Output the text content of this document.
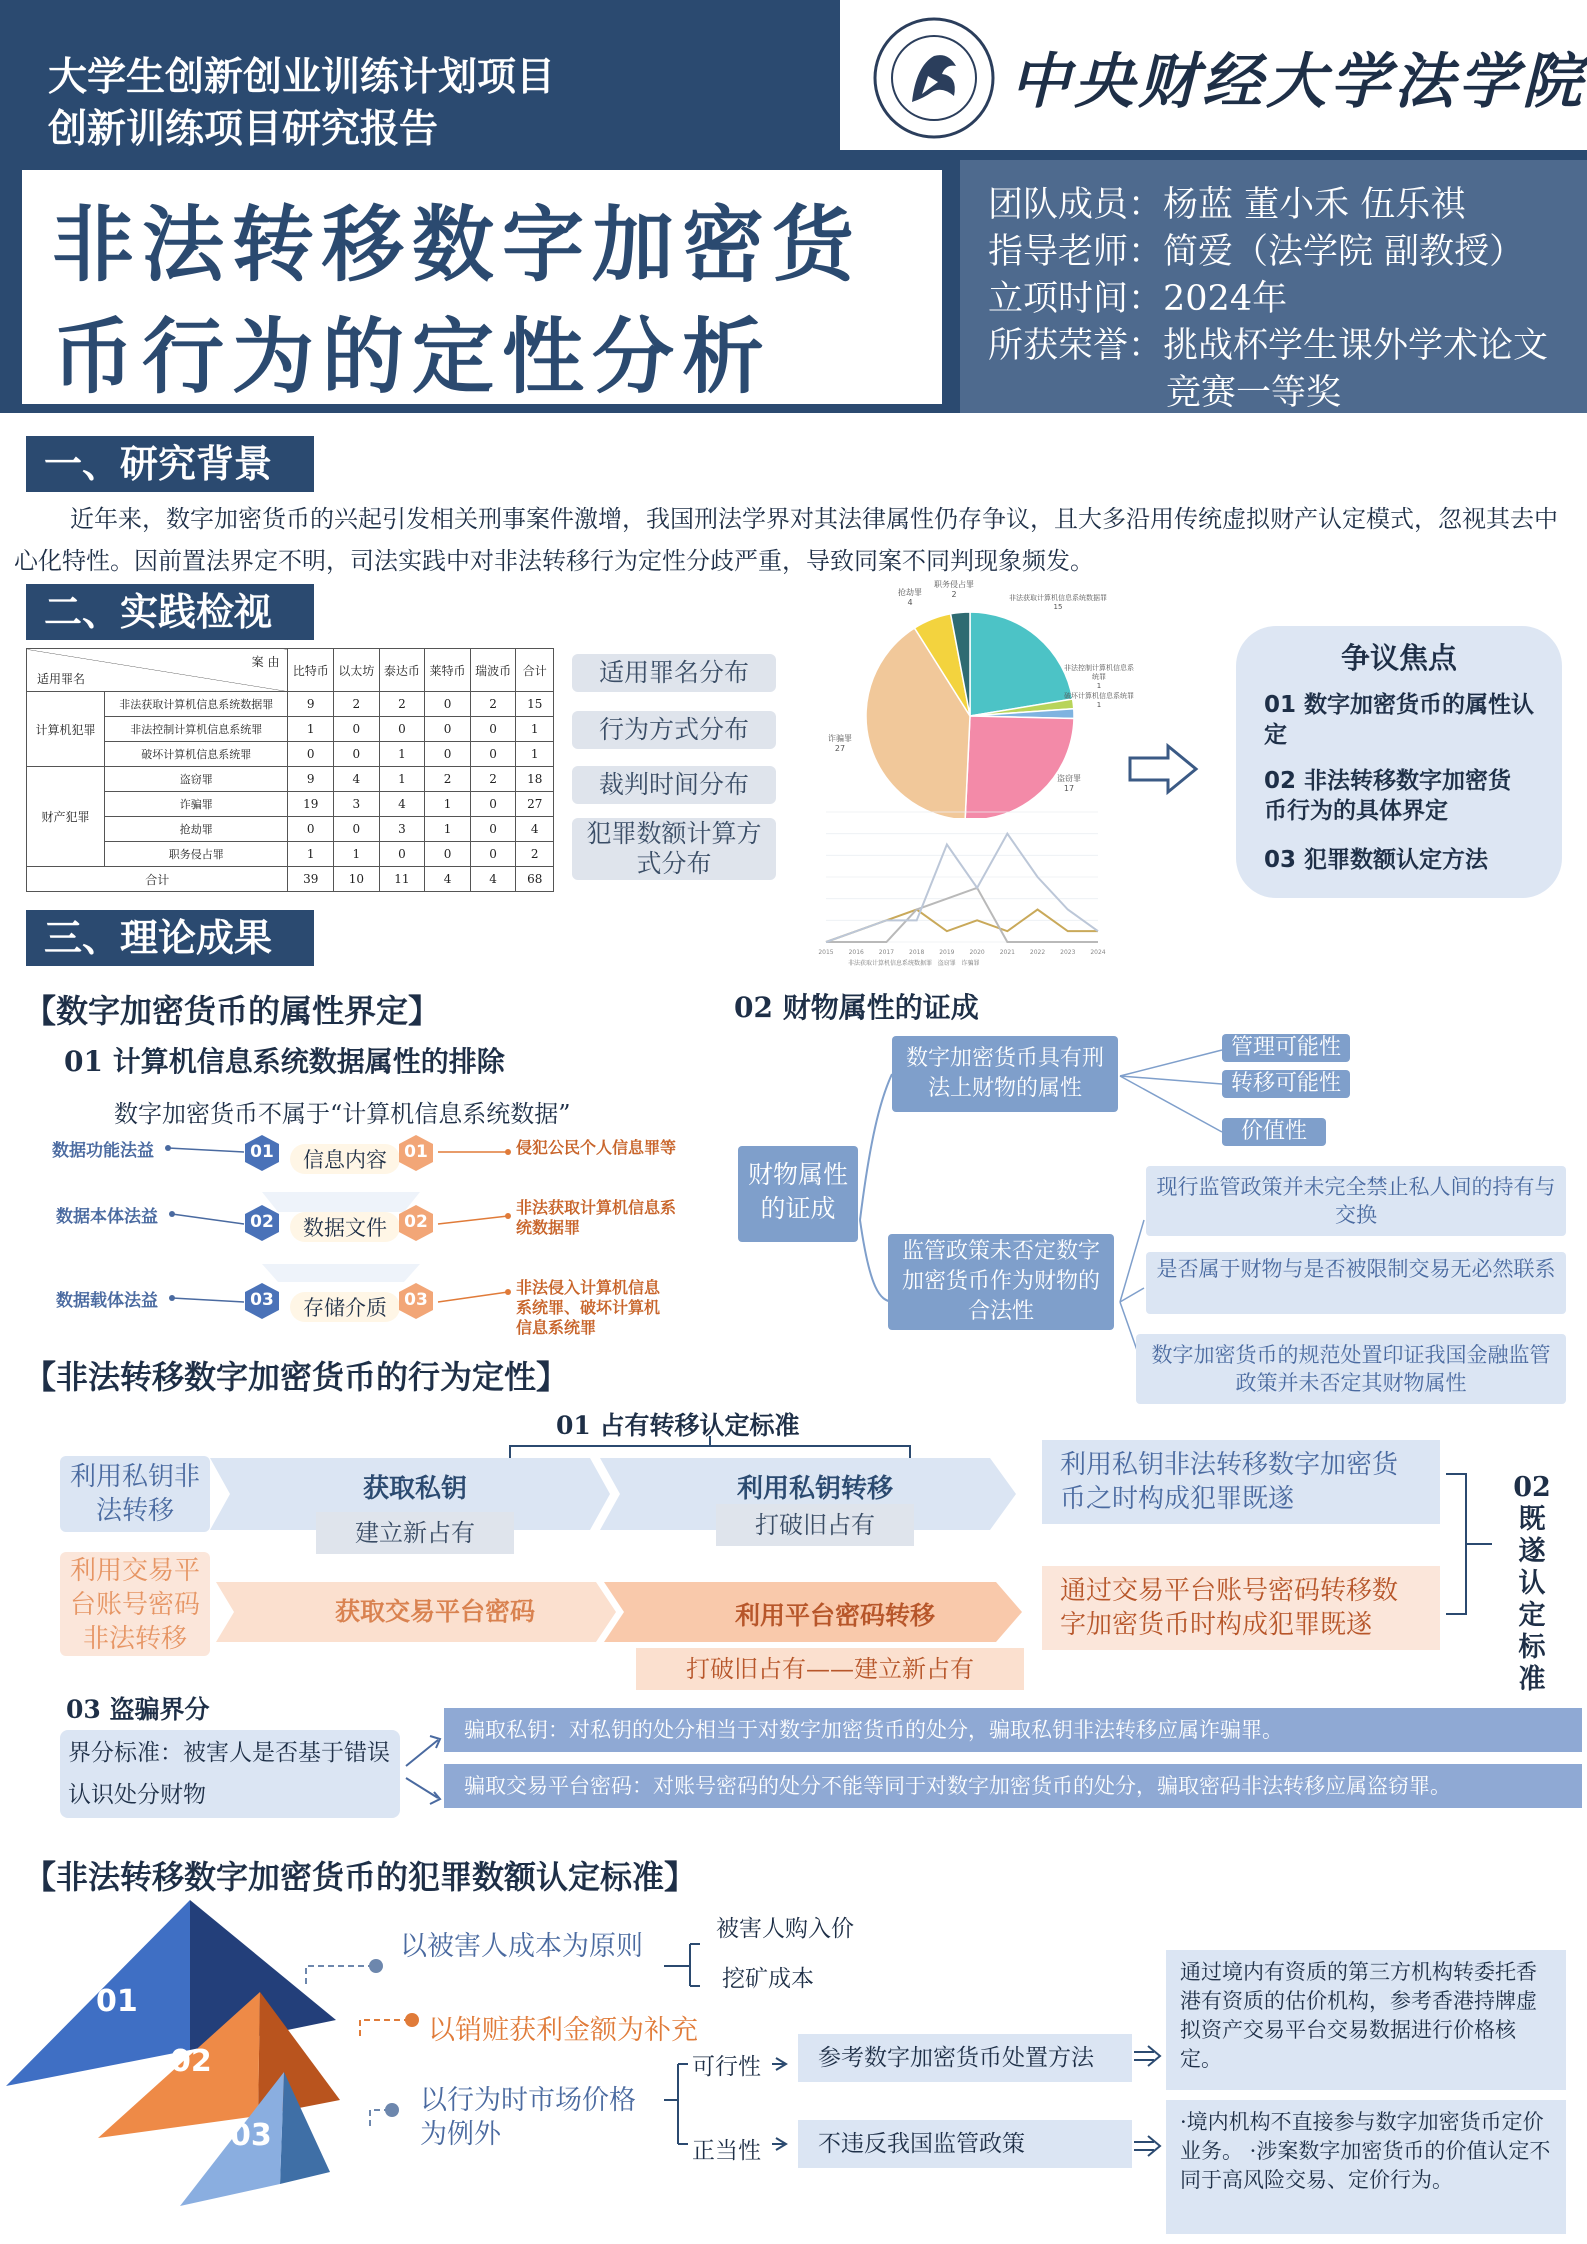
大学生创新创业训练计划项目
创新训练项目研究报告
中央财经大学法学院
非法转移数字加密货
币行为的定性分析
团队成员：杨蓝 董小禾 伍乐祺
指导老师：简爱（法学院 副教授）
立项时间：2024年
所获荣誉：挑战杯学生课外学术论文
竞赛一等奖
一、研究背景
近年来，数字加密货币的兴起引发相关刑事案件激增，我国刑法学界对其法律属性仍存争议，且大多沿用传统虚拟财产认定模式，忽视其去中心化特性。因前置法界定不明，司法实践中对非法转移行为定性分歧严重，导致同案不同判现象频发。
二、实践检视
案 由
适用罪名		比特币	以太坊	泰达币	莱特币	瑞波币	合计
计算机犯罪	非法获取计算机信息系统数据罪	9	2	2	0	2	15
	非法控制计算机信息系统罪	1	0	0	0	0	1
	破坏计算机信息系统罪	0	0	1	0	0	1
财产犯罪	盗窃罪	9	4	1	2	2	18
	诈骗罪	19	3	4	1	0	27
	抢劫罪	0	0	3	1	0	4
	职务侵占罪	1	1	0	0	0	2
合计		39	10	11	4	4	68
适用罪名分布
行为方式分布
裁判时间分布
犯罪数额计算方式分布
非法获取计算机信息系统数据罪
15
非法控制计算机信息系统罪
1
破坏计算机信息系统罪
1
盗窃罪
17
诈骗罪
27
抢劫罪
4
职务侵占罪
2
2015 2016 2017 2018 2019 2020 2021 2022 2023 2024
非法获取计算机信息系统数据罪 盗窃罪 诈骗罪
争议焦点
01 数字加密货币的属性认定
02 非法转移数字加密货币行为的具体界定
03 犯罪数额认定方法
三、理论成果
【数字加密货币的属性界定】
01 计算机信息系统数据属性的排除
数字加密货币不属于“计算机信息系统数据”
数据功能法益
数据本体法益
数据载体法益
01
02
03
信息内容
数据文件
存储介质
01
02
03
侵犯公民个人信息罪等
非法获取计算机信息系统数据罪
非法侵入计算机信息系统罪、破坏计算机信息系统罪
02 财物属性的证成
财物属性的证成
数字加密货币具有刑法上财物的属性
监管政策未否定数字加密货币作为财物的合法性
管理可能性
转移可能性
价值性
现行监管政策并未完全禁止私人间的持有与交换
是否属于财物与是否被限制交易无必然联系
数字加密货币的规范处置印证我国金融监管政策并未否定其财物属性
【非法转移数字加密货币的行为定性】
01 占有转移认定标准
利用私钥非法转移
获取私钥	利用私钥转移
建立新占有	打破旧占有
利用私钥非法转移数字加密货币之时构成犯罪既遂
利用交易平台账号密码非法转移
获取交易平台密码	利用平台密码转移
打破旧占有——建立新占有
通过交易平台账号密码转移数字加密货币时构成犯罪既遂
02 既遂认定标准
03 盗骗界分
界分标准：被害人是否基于错误认识处分财物
骗取私钥：对私钥的处分相当于对数字加密货币的处分，骗取私钥非法转移应属诈骗罪。
骗取交易平台密码：对账号密码的处分不能等同于对数字加密货币的处分，骗取密码非法转移应属盗窃罪。
【非法转移数字加密货币的犯罪数额认定标准】
01
02
03
以被害人成本为原则
被害人购入价
挖矿成本
以销赃获利金额为补充
以行为时市场价格为例外
可行性	参考数字加密货币处置方法
正当性	不违反我国监管政策
通过境内有资质的第三方机构转委托香港有资质的估价机构，参考香港持牌虚拟资产交易平台交易数据进行价格核定。
·境内机构不直接参与数字加密货币定价业务。 ·涉案数字加密货币的价值认定不同于高风险交易、定价行为。
